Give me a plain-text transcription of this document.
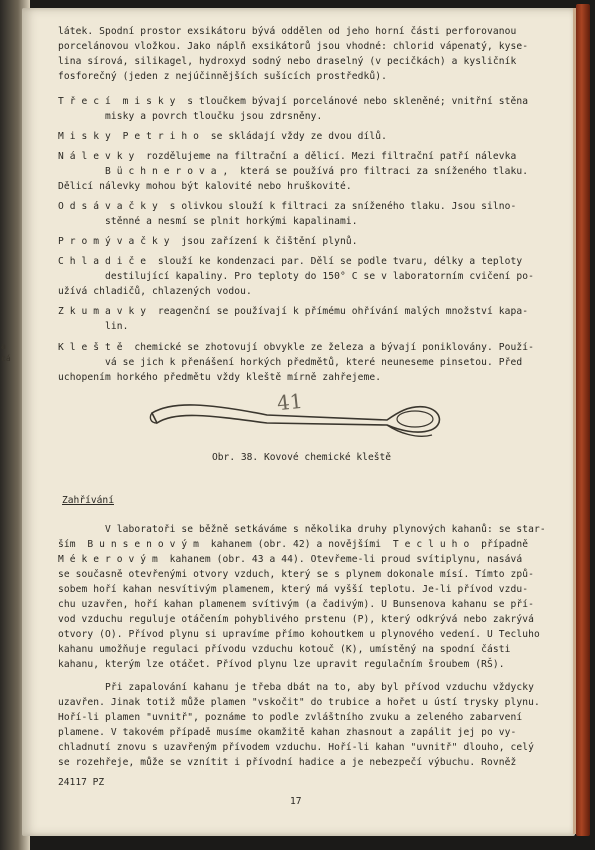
a
cá

látek. Spodní prostor exsikátoru bývá oddělen od jeho horní části perforovanou

porcelánovou vložkou. Jako náplň exsikátorů jsou vhodné: chlorid vápenatý, kyse-

lina sírová, silikagel, hydroxyd sodný nebo draselný (v pecičkách) a kysličník

fosforečný (jeden z nejúčinnějších sušících prostředků).

T ř e c í  m i s k y  s tloučkem bývají porcelánové nebo skleněné; vnitřní stěna

misky a povrch tloučku jsou zdrsněny.

M i s k y  P e t r i h o  se skládají vždy ze dvou dílů.

N á l e v k y  rozdělujeme na filtrační a dělicí. Mezi filtrační patří nálevka

B ü c h n e r o v a ,  která se používá pro filtraci za sníženého tlaku.

Dělicí nálevky mohou být kalovité nebo hruškovité.

O d s á v a č k y  s olivkou slouží k filtraci za sníženého tlaku. Jsou silno-

stěnné a nesmí se plnit horkými kapalinami.

P r o m ý v a č k y  jsou zařízení k čištění plynů.

C h l a d i č e  slouží ke kondenzaci par. Dělí se podle tvaru, délky a teploty

destilující kapaliny. Pro teploty do 150° C se v laboratorním cvičení po-

užívá chladičů, chlazených vodou.

Z k u m a v k y  reagenční se používají k přímému ohřívání malých množství kapa-

lin.

K l e š t ě  chemické se zhotovují obvykle ze železa a bývají poniklovány. Použí-

vá se jich k přenášení horkých předmětů, které neuneseme pinsetou. Před

uchopením horkého předmětu vždy kleště mírně zahřejeme.

41
Obr. 38. Kovové chemické kleště
Zahřívání

V laboratoři se běžně setkáváme s několika druhy plynových kahanů: se star-

ším  B u n s e n o v ý m  kahanem (obr. 42) a novějšími  T e c l u h o  případně

M é k e r o v ý m  kahanem (obr. 43 a 44). Otevřeme-li proud svítiplynu, nasává

se současně otevřenými otvory vzduch, který se s plynem dokonale mísí. Tímto způ-

sobem hoří kahan nesvítivým plamenem, který má vyšší teplotu. Je-li přívod vzdu-

chu uzavřen, hoří kahan plamenem svítivým (a čadivým). U Bunsenova kahanu se pří-

vod vzduchu reguluje otáčením pohyblivého prstenu (P), který odkrývá nebo zakrývá

otvory (O). Přívod plynu si upravíme přímo kohoutkem u plynového vedení. U Tecluho

kahanu umožňuje regulaci přívodu vzduchu kotouč (K), umístěný na spodní části

kahanu, kterým lze otáčet. Přívod plynu lze upravit regulačním šroubem (RŠ).

Při zapalování kahanu je třeba dbát na to, aby byl přívod vzduchu vždycky

uzavřen. Jinak totiž může plamen "vskočit" do trubice a hořet u ústí trysky plynu.

Hoří-li plamen "uvnitř", poznáme to podle zvláštního zvuku a zeleného zabarvení

plamene. V takovém případě musíme okamžitě kahan zhasnout a zapálit jej po vy-

chladnutí znovu s uzavřeným přívodem vzduchu. Hoří-li kahan "uvnitř" dlouho, celý

se rozehřeje, může se vznítit i přívodní hadice a je nebezpečí výbuchu. Rovněž

24117 PZ
17
